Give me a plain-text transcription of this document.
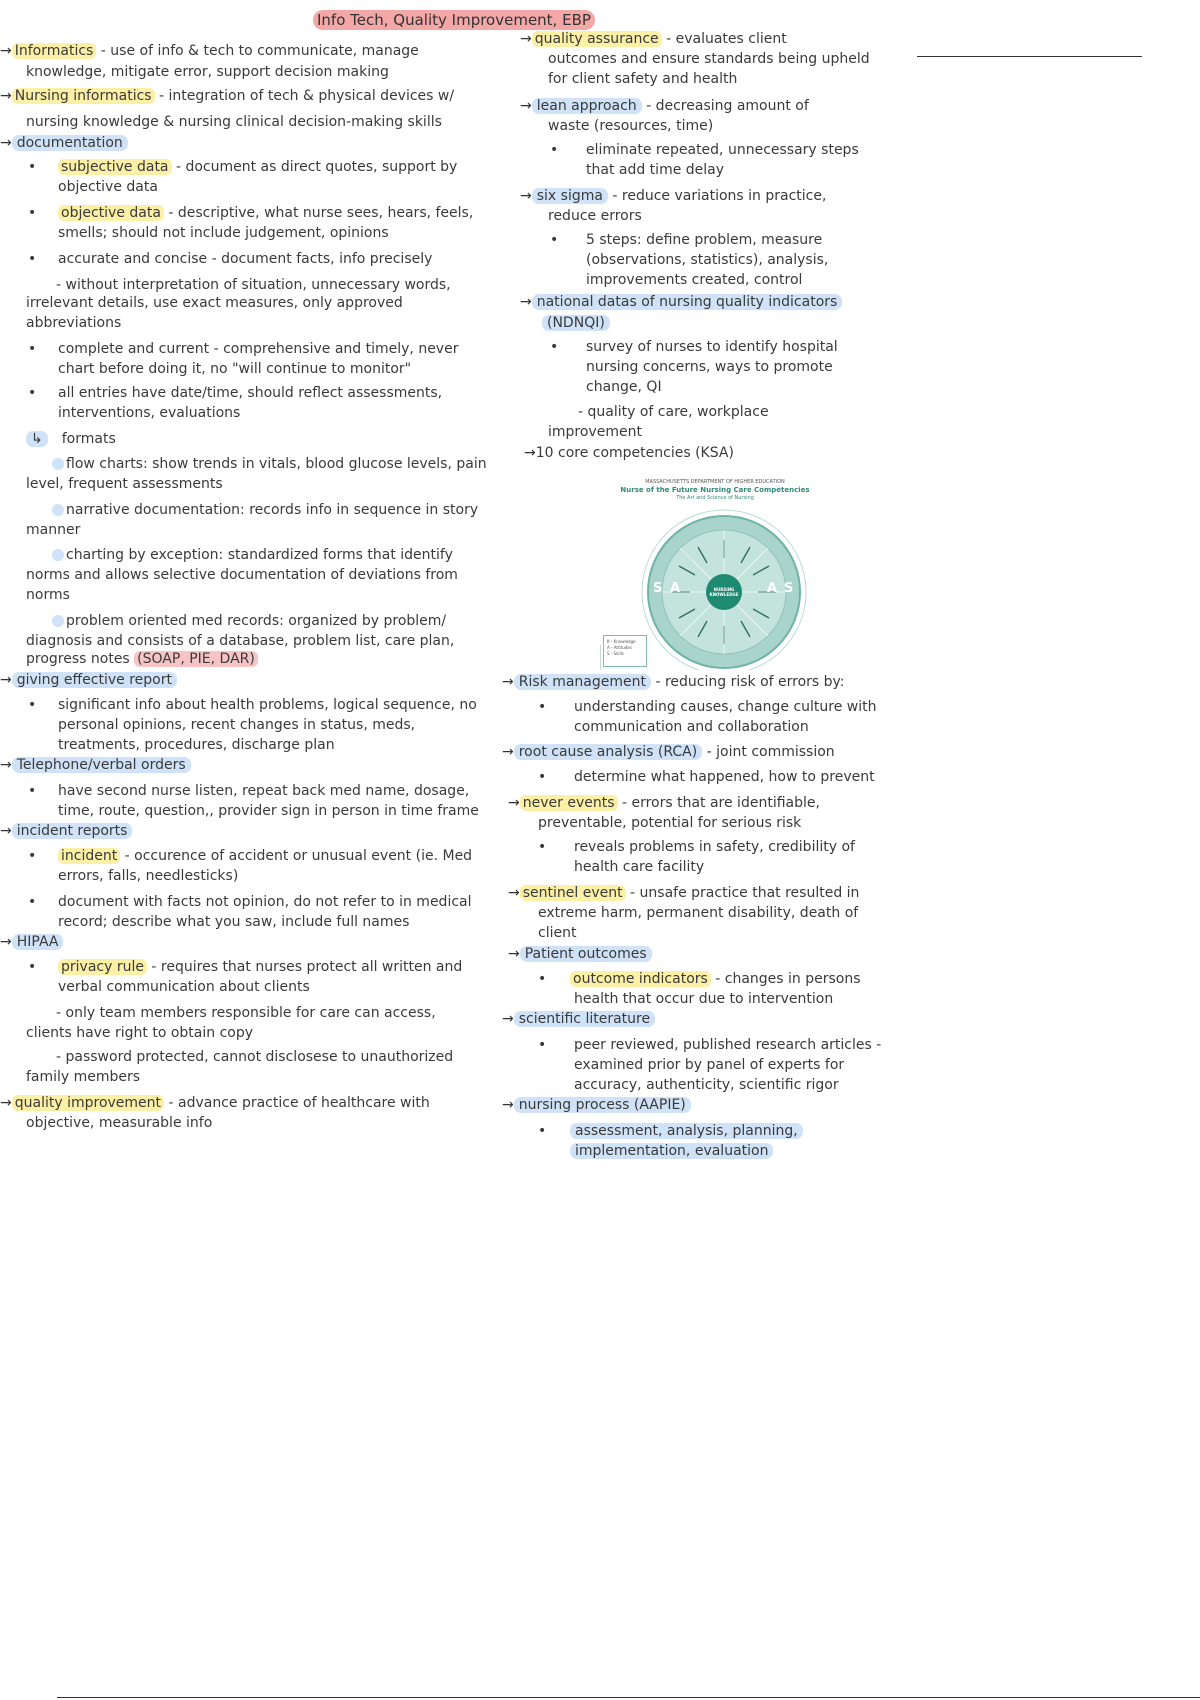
Info Tech, Quality Improvement, EBP
→ Informatics - use of info & tech to communicate, manage
knowledge, mitigate error, support decision making
→ Nursing informatics - integration of tech & physical devices w/
nursing knowledge & nursing clinical decision-making skills
→ documentation
•	subjective data - document as direct quotes, support by
objective data
•	objective data - descriptive, what nurse sees, hears, feels,
smells; should not include judgement, opinions
•	accurate and concise - document facts, info precisely
- without interpretation of situation, unnecessary words,
irrelevant details, use exact measures, only approved
abbreviations
•	complete and current - comprehensive and timely, never
chart before doing it, no "will continue to monitor"
•	all entries have date/time, should reflect assessments,
interventions, evaluations
↳ formats
flow charts: show trends in vitals, blood glucose levels, pain
level, frequent assessments
narrative documentation: records info in sequence in story
manner
charting by exception: standardized forms that identify
norms and allows selective documentation of deviations from
norms
problem oriented med records: organized by problem/
diagnosis and consists of a database, problem list, care plan,
progress notes (SOAP, PIE, DAR)
→ giving effective report
•	significant info about health problems, logical sequence, no
personal opinions, recent changes in status, meds,
treatments, procedures, discharge plan
→ Telephone/verbal orders
•	have second nurse listen, repeat back med name, dosage,
time, route, question,, provider sign in person in time frame
→ incident reports
•	incident - occurence of accident or unusual event (ie. Med
errors, falls, needlesticks)
•	document with facts not opinion, do not refer to in medical
record; describe what you saw, include full names
→ HIPAA
•	privacy rule - requires that nurses protect all written and
verbal communication about clients
- only team members responsible for care can access,
clients have right to obtain copy
- password protected, cannot disclosese to unauthorized
family members
→ quality improvement - advance practice of healthcare with
objective, measurable info
→ quality assurance - evaluates client
outcomes and ensure standards being upheld
for client safety and health
→ lean approach - decreasing amount of
waste (resources, time)
• eliminate repeated, unnecessary steps
that add time delay
→ six sigma - reduce variations in practice,
reduce errors
• 5 steps: define problem, measure
(observations, statistics), analysis,
improvements created, control
→ national datas of nursing quality indicators
(NDNQI)
• survey of nurses to identify hospital
nursing concerns, ways to promote
change, QI
- quality of care, workplace
improvement
→10 core competencies (KSA)
MASSACHUSETTS DEPARTMENT OF HIGHER EDUCATION
Nurse of the Future Nursing Care Competencies
The Art and Science of Nursing
NURSING KNOWLEDGE
S A	A S
K - Knowledge
A - Attitudes
S - Skills
→ Risk management - reducing risk of errors by:
• understanding causes, change culture with
communication and collaboration
→ root cause analysis (RCA) - joint commission
• determine what happened, how to prevent
→ never events - errors that are identifiable,
preventable, potential for serious risk
• reveals problems in safety, credibility of
health care facility
→ sentinel event - unsafe practice that resulted in
extreme harm, permanent disability, death of
client
→ Patient outcomes
• outcome indicators - changes in persons
health that occur due to intervention
→ scientific literature
• peer reviewed, published research articles -
examined prior by panel of experts for
accuracy, authenticity, scientific rigor
→ nursing process (AAPIE)
•	assessment, analysis, planning,
implementation, evaluation
